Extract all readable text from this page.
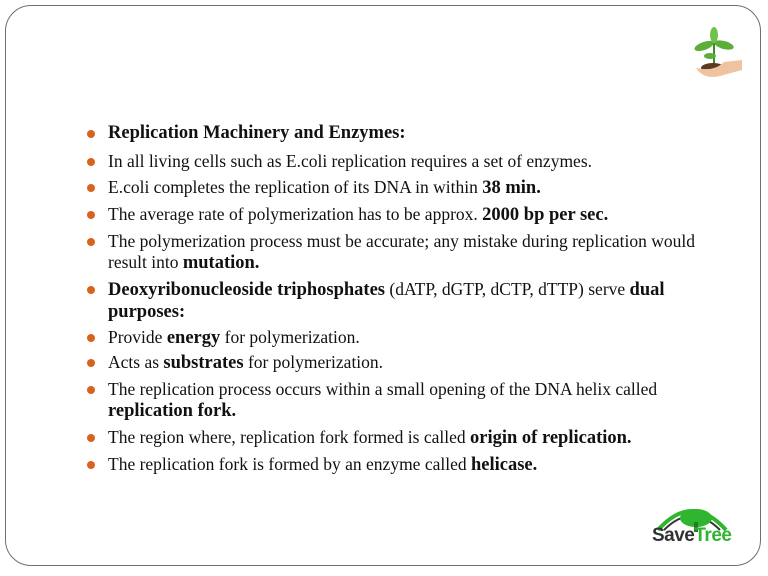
Replication Machinery and Enzymes:
In all living cells such as E.coli replication requires a set of enzymes.
E.coli completes the replication of its DNA in within 38 min.
The average rate of polymerization has to be approx. 2000 bp per sec.
The polymerization process must be accurate; any mistake during replication would result into mutation.
Deoxyribonucleoside triphosphates (dATP, dGTP, dCTP, dTTP) serve dual purposes:
Provide energy for polymerization.
Acts as substrates for polymerization.
The replication process occurs within a small opening of the DNA helix called replication fork.
The region where, replication fork formed is called origin of replication.
The replication fork is formed by an enzyme called helicase.
SaveTree
